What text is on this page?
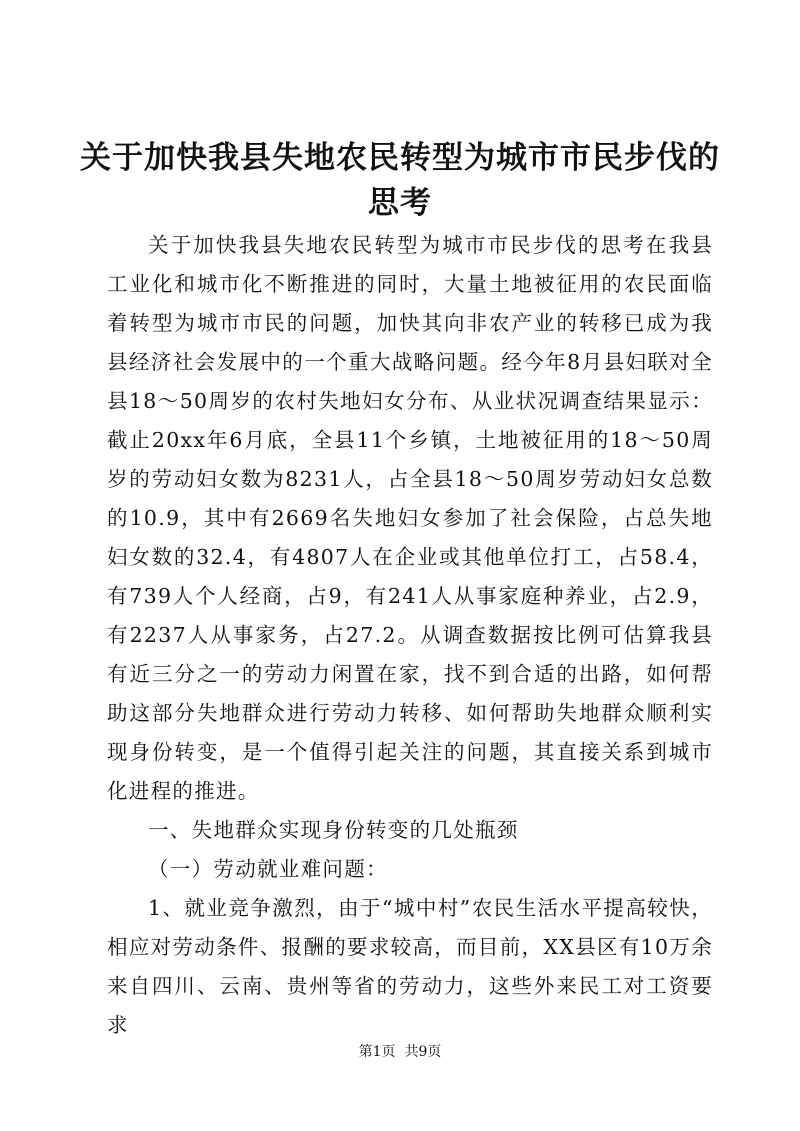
关于加快我县失地农民转型为城市市民步伐的
思考

关于加快我县失地农民转型为城市市民步伐的思考在我县工业化和城市化不断推进的同时，大量土地被征用的农民面临着转型为城市市民的问题，加快其向非农产业的转移已成为我县经济社会发展中的一个重大战略问题。经今年8月县妇联对全县18～50周岁的农村失地妇女分布、从业状况调查结果显示：截止20xx年6月底，全县11个乡镇，土地被征用的18～50周岁的劳动妇女数为8231人，占全县18～50周岁劳动妇女总数的10.9，其中有2669名失地妇女参加了社会保险，占总失地妇女数的32.4，有4807人在企业或其他单位打工，占58.4，有739人个人经商，占9，有241人从事家庭种养业，占2.9，有2237人从事家务，占27.2。从调查数据按比例可估算我县有近三分之一的劳动力闲置在家，找不到合适的出路，如何帮助这部分失地群众进行劳动力转移、如何帮助失地群众顺利实现身份转变，是一个值得引起关注的问题，其直接关系到城市化进程的推进。

一、失地群众实现身份转变的几处瓶颈

（一）劳动就业难问题：

1、就业竞争激烈，由于“城中村”农民生活水平提高较快，相应对劳动条件、报酬的要求较高，而目前，XX县区有10万余来自四川、云南、贵州等省的劳动力，这些外来民工对工资要求

第1页 共9页
